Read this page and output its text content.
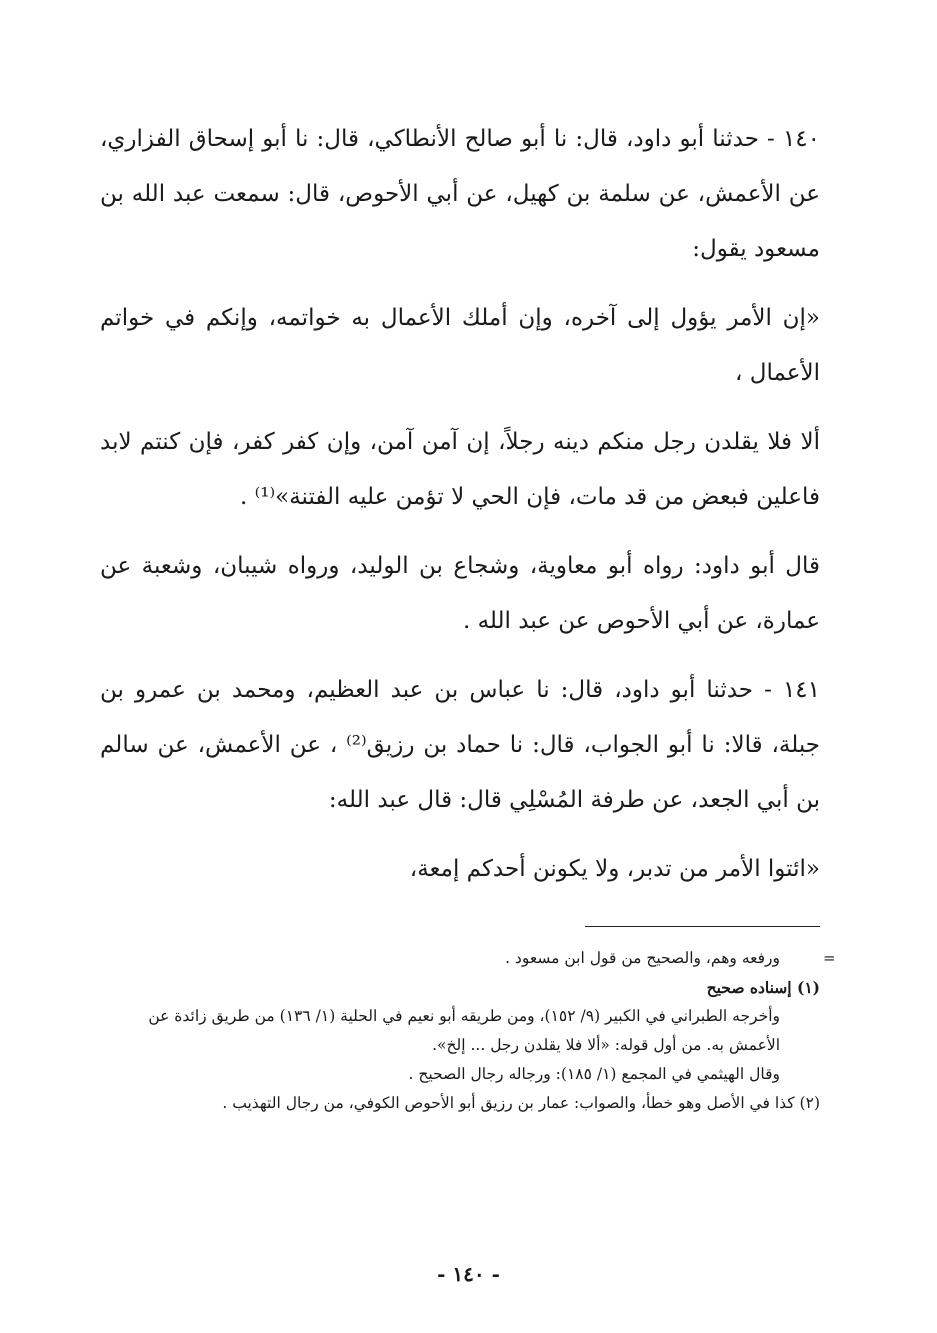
١٤٠ - حدثنا أبو داود، قال: نا أبو صالح الأنطاكي، قال: نا أبو إسحاق الفزاري، عن الأعمش، عن سلمة بن كهيل، عن أبي الأحوص، قال: سمعت عبد الله بن مسعود يقول:

«إن الأمر يؤول إلى آخره، وإن أملك الأعمال به خواتمه، وإنكم في خواتم الأعمال ،

ألا فلا يقلدن رجل منكم دينه رجلاً، إن آمن آمن، وإن كفر كفر، فإن كنتم لابد فاعلين فبعض من قد مات، فإن الحي لا تؤمن عليه الفتنة»⁽¹⁾ .

قال أبو داود: رواه أبو معاوية، وشجاع بن الوليد، ورواه شيبان، وشعبة عن عمارة، عن أبي الأحوص عن عبد الله .

١٤١ - حدثنا أبو داود، قال: نا عباس بن عبد العظيم، ومحمد بن عمرو بن جبلة، قالا: نا أبو الجواب، قال: نا حماد بن رزيق⁽²⁾ ، عن الأعمش، عن سالم بن أبي الجعد، عن طرفة المُسْلِي قال: قال عبد الله:

«ائتوا الأمر من تدبر، ولا يكونن أحدكم إمعة،

=

ورفعه وهم، والصحيح من قول ابن مسعود .

(١) إسناده صحيح

وأخرجه الطبراني في الكبير (٩/ ١٥٢)، ومن طريقه أبو نعيم في الحلية (١/ ١٣٦) من طريق زائدة عن الأعمش به. من أول قوله: «ألا فلا يقلدن رجل ... إلخ».

وقال الهيثمي في المجمع (١/ ١٨٥): ورجاله رجال الصحيح .

(٢) كذا في الأصل وهو خطأ، والصواب: عمار بن رزيق أبو الأحوص الكوفي، من رجال التهذيب .

- ١٤٠ -
